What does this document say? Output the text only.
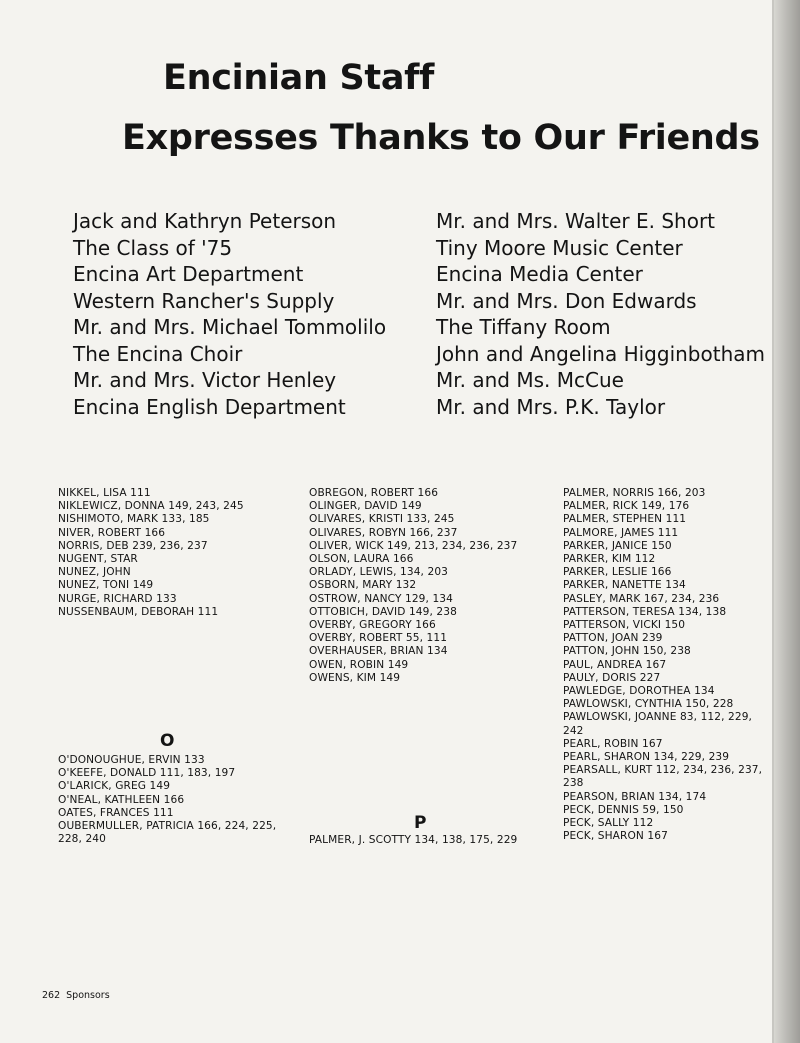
Encinian Staff
Expresses Thanks to Our Friends
Jack and Kathryn Peterson
The Class of '75
Encina Art Department
Western Rancher's Supply
Mr. and Mrs. Michael Tommolilo
The Encina Choir
Mr. and Mrs. Victor Henley
Encina English Department
Mr. and Mrs. Walter E. Short
Tiny Moore Music Center
Encina Media Center
Mr. and Mrs. Don Edwards
The Tiffany Room
John and Angelina Higginbotham
Mr. and Ms. McCue
Mr. and Mrs. P.K. Taylor
NIKKEL, LISA 111
NIKLEWICZ, DONNA 149, 243, 245
NISHIMOTO, MARK 133, 185
NIVER, ROBERT 166
NORRIS, DEB 239, 236, 237
NUGENT, STAR
NUNEZ, JOHN
NUNEZ, TONI 149
NURGE, RICHARD 133
NUSSENBAUM, DEBORAH 111
OBREGON, ROBERT 166
OLINGER, DAVID 149
OLIVARES, KRISTI 133, 245
OLIVARES, ROBYN 166, 237
OLIVER, WICK 149, 213, 234, 236, 237
OLSON, LAURA 166
ORLADY, LEWIS, 134, 203
OSBORN, MARY 132
OSTROW, NANCY 129, 134
OTTOBICH, DAVID 149, 238
OVERBY, GREGORY 166
OVERBY, ROBERT 55, 111
OVERHAUSER, BRIAN 134
OWEN, ROBIN 149
OWENS, KIM 149
O
O'DONOUGHUE, ERVIN 133
O'KEEFE, DONALD 111, 183, 197
O'LARICK, GREG 149
O'NEAL, KATHLEEN 166
OATES, FRANCES 111
OUBERMULLER, PATRICIA 166, 224, 225,
228, 240
P
PALMER, J. SCOTTY 134, 138, 175, 229
PALMER, NORRIS 166, 203
PALMER, RICK 149, 176
PALMER, STEPHEN 111
PALMORE, JAMES 111
PARKER, JANICE 150
PARKER, KIM 112
PARKER, LESLIE 166
PARKER, NANETTE 134
PASLEY, MARK 167, 234, 236
PATTERSON, TERESA 134, 138
PATTERSON, VICKI 150
PATTON, JOAN 239
PATTON, JOHN 150, 238
PAUL, ANDREA 167
PAULY, DORIS 227
PAWLEDGE, DOROTHEA 134
PAWLOWSKI, CYNTHIA 150, 228
PAWLOWSKI, JOANNE 83, 112, 229,
242
PEARL, ROBIN 167
PEARL, SHARON 134, 229, 239
PEARSALL, KURT 112, 234, 236, 237,
238
PEARSON, BRIAN 134, 174
PECK, DENNIS 59, 150
PECK, SALLY 112
PECK, SHARON 167
262 Sponsors
